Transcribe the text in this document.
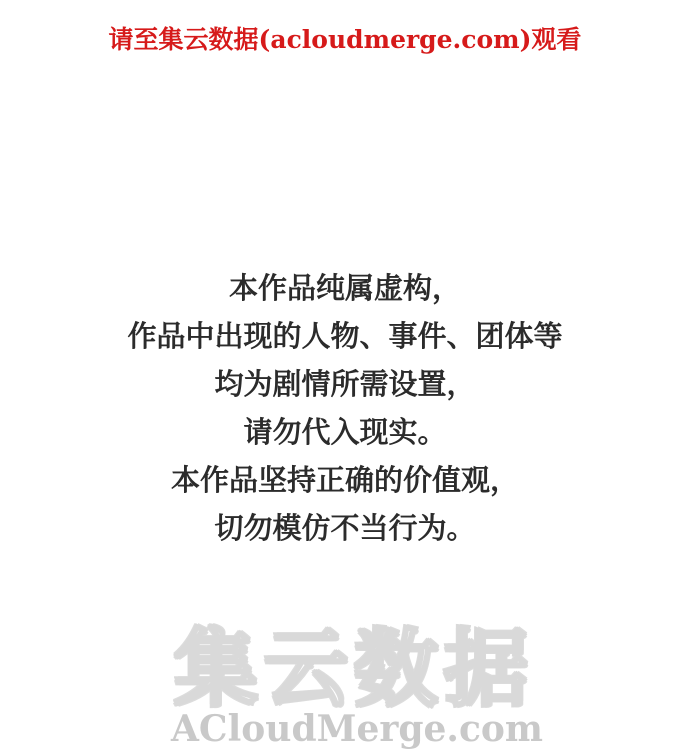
请至集云数据(acloudmerge.com)观看
本作品纯属虚构，
作品中出现的人物、事件、团体等
均为剧情所需设置，
请勿代入现实。
本作品坚持正确的价值观，
切勿模仿不当行为。
集云数据
ACloudMerge.com
